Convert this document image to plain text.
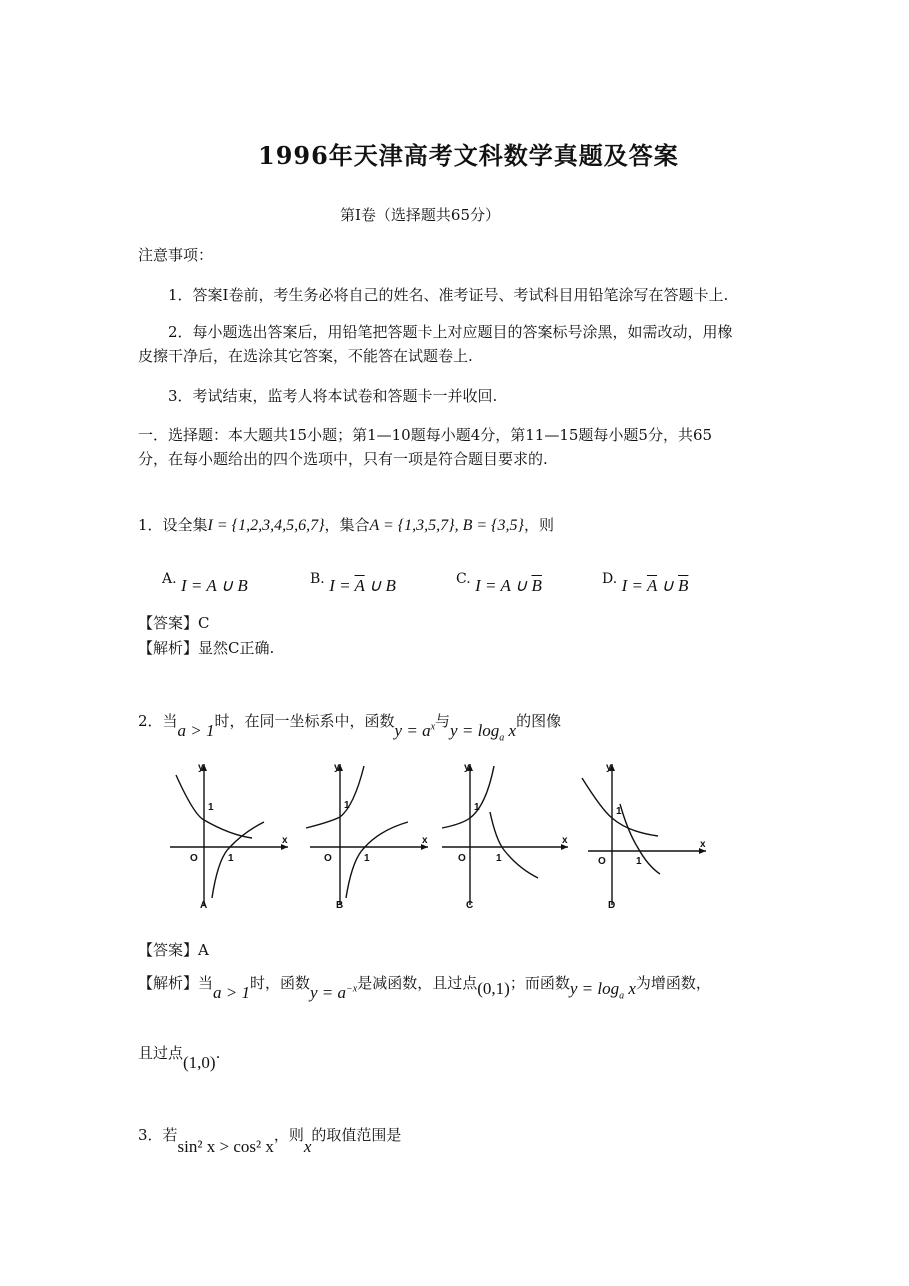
1996年天津高考文科数学真题及答案
第Ⅰ卷（选择题共65分）
注意事项：
1．答案Ⅰ卷前，考生务必将自己的姓名、准考证号、考试科目用铅笔涂写在答题卡上.
2．每小题选出答案后，用铅笔把答题卡上对应题目的答案标号涂黑，如需改动，用橡
皮擦干净后，在选涂其它答案，不能答在试题卷上.
3．考试结束，监考人将本试卷和答题卡一并收回.
一．选择题：本大题共15小题；第1—10题每小题4分，第11—15题每小题5分，共65
分，在每小题给出的四个选项中，只有一项是符合题目要求的.
1．设全集I = {1,2,3,4,5,6,7}，集合A = {1,3,5,7}, B = {3,5}，则
A. I = A ∪ B	B. $I = \overline{A}$ ∪ B	C. I = A ∪ $\overline{B}$	D. $I = \overline{A}$ ∪ $\overline{B}$
【答案】C
【解析】显然C正确.
2．当a > 1时，在同一坐标系中，函数$y = a^x$与$y = \log_a x$的图像
y
x
1
O	1
A
y
x
1
O	1
B
y
x
1
O	1
C
y
x
1
O	1
D
【答案】A
【解析】当a > 1时，函数$y = a^{-x}$是减函数，且过点(0,1)；而函数$y = \log_a x$为增函数，
且过点(1,0).
3．若sin² x > cos² x，则x的取值范围是
